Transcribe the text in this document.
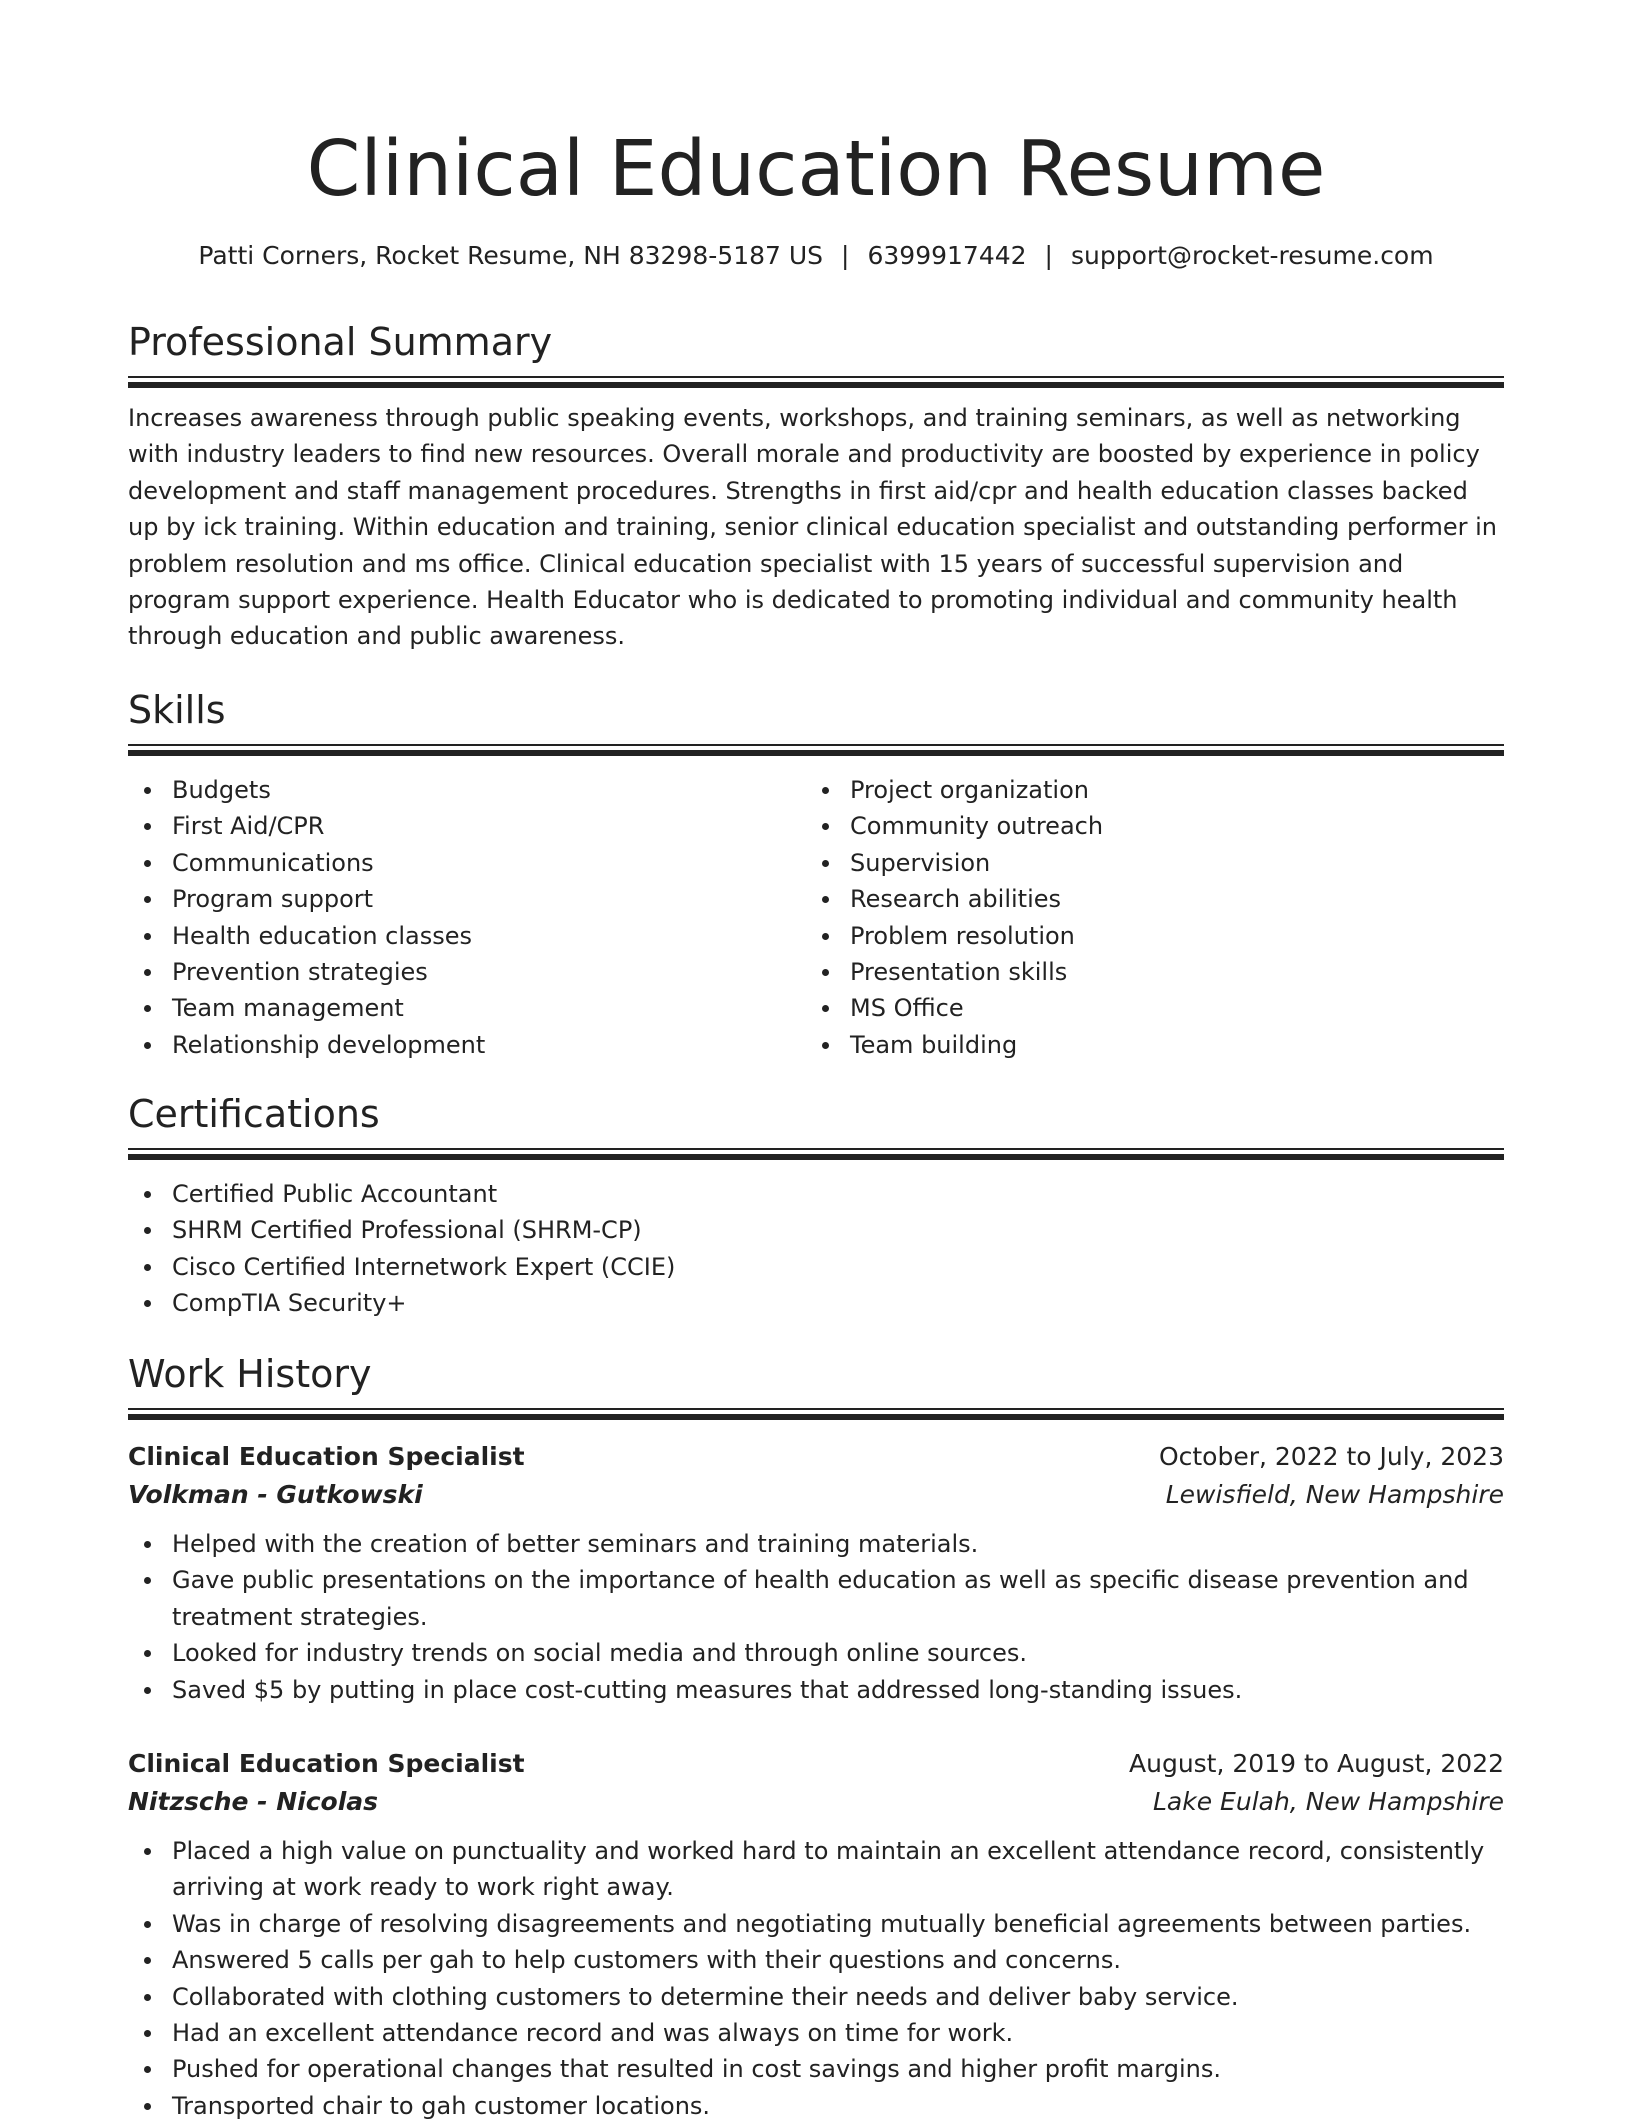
Clinical Education Resume
Patti Corners, Rocket Resume, NH 83298-5187 US | 6399917442 | support@rocket-resume.com
Professional Summary

Increases awareness through public speaking events, workshops, and training seminars, as well as networking with industry leaders to find new resources. Overall morale and productivity are boosted by experience in policy development and staff management procedures. Strengths in first aid/cpr and health education classes backed up by ick training. Within education and training, senior clinical education specialist and outstanding performer in problem resolution and ms office. Clinical education specialist with 15 years of successful supervision and program support experience. Health Educator who is dedicated to promoting individual and community health through education and public awareness.

Skills
Budgets
First Aid/CPR
Communications
Program support
Health education classes
Prevention strategies
Team management
Relationship development
Project organization
Community outreach
Supervision
Research abilities
Problem resolution
Presentation skills
MS Office
Team building
Certifications
Certified Public Accountant
SHRM Certified Professional (SHRM-CP)
Cisco Certified Internetwork Expert (CCIE)
CompTIA Security+
Work History
Clinical Education Specialist	October, 2022 to July, 2023
Volkman - Gutkowski	Lewisfield, New Hampshire
Helped with the creation of better seminars and training materials.
Gave public presentations on the importance of health education as well as specific disease prevention and treatment strategies.
Looked for industry trends on social media and through online sources.
Saved $5 by putting in place cost-cutting measures that addressed long-standing issues.
Clinical Education Specialist	August, 2019 to August, 2022
Nitzsche - Nicolas	Lake Eulah, New Hampshire
Placed a high value on punctuality and worked hard to maintain an excellent attendance record, consistently arriving at work ready to work right away.
Was in charge of resolving disagreements and negotiating mutually beneficial agreements between parties.
Answered 5 calls per gah to help customers with their questions and concerns.
Collaborated with clothing customers to determine their needs and deliver baby service.
Had an excellent attendance record and was always on time for work.
Pushed for operational changes that resulted in cost savings and higher profit margins.
Transported chair to gah customer locations.
